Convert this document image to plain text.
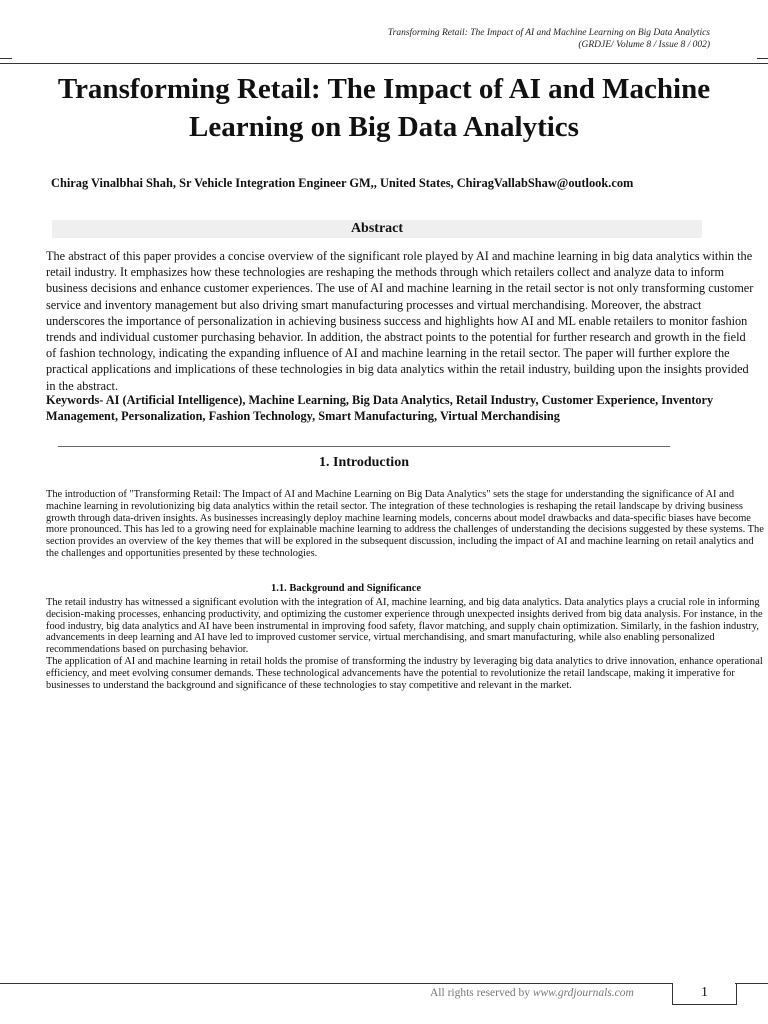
Transforming Retail: The Impact of AI and Machine Learning on Big Data Analytics
(GRDJE/ Volume 8 / Issue 8 / 002)
Transforming Retail: The Impact of AI and Machine Learning on Big Data Analytics
Chirag Vinalbhai Shah, Sr Vehicle Integration Engineer GM,, United States, ChiragVallabShaw@outlook.com
Abstract

The abstract of this paper provides a concise overview of the significant role played by AI and machine learning in big data analytics within the retail industry. It emphasizes how these technologies are reshaping the methods through which retailers collect and analyze data to inform business decisions and enhance customer experiences. The use of AI and machine learning in the retail sector is not only transforming customer service and inventory management but also driving smart manufacturing processes and virtual merchandising. Moreover, the abstract underscores the importance of personalization in achieving business success and highlights how AI and ML enable retailers to monitor fashion trends and individual customer purchasing behavior. In addition, the abstract points to the potential for further research and growth in the field of fashion technology, indicating the expanding influence of AI and machine learning in the retail sector. The paper will further explore the practical applications and implications of these technologies in big data analytics within the retail industry, building upon the insights provided in the abstract.

Keywords- AI (Artificial Intelligence), Machine Learning, Big Data Analytics, Retail Industry, Customer Experience, Inventory Management, Personalization, Fashion Technology, Smart Manufacturing, Virtual Merchandising

1. Introduction

The introduction of "Transforming Retail: The Impact of AI and Machine Learning on Big Data Analytics" sets the stage for understanding the significance of AI and machine learning in revolutionizing big data analytics within the retail sector. The integration of these technologies is reshaping the retail landscape by driving business growth through data-driven insights. As businesses increasingly deploy machine learning models, concerns about model drawbacks and data-specific biases have become more pronounced. This has led to a growing need for explainable machine learning to address the challenges of understanding the decisions suggested by these systems. The section provides an overview of the key themes that will be explored in the subsequent discussion, including the impact of AI and machine learning on retail analytics and the challenges and opportunities presented by these technologies.

1.1. Background and Significance

The retail industry has witnessed a significant evolution with the integration of AI, machine learning, and big data analytics. Data analytics plays a crucial role in informing decision-making processes, enhancing productivity, and optimizing the customer experience through unexpected insights derived from big data analysis. For instance, in the food industry, big data analytics and AI have been instrumental in improving food safety, flavor matching, and supply chain optimization. Similarly, in the fashion industry, advancements in deep learning and AI have led to improved customer service, virtual merchandising, and smart manufacturing, while also enabling personalized recommendations based on purchasing behavior.

The application of AI and machine learning in retail holds the promise of transforming the industry by leveraging big data analytics to drive innovation, enhance operational efficiency, and meet evolving consumer demands. These technological advancements have the potential to revolutionize the retail landscape, making it imperative for businesses to understand the background and significance of these technologies to stay competitive and relevant in the market.

All rights reserved by www.grdjournals.com	1
